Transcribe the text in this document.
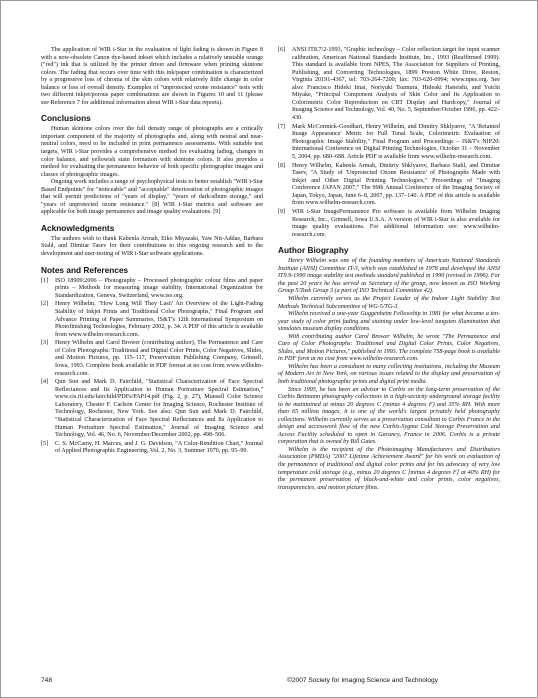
The application of WIR i-Star in the evaluation of light fading is shown in Figure 8 with a now-obsolete Canon dye-based inkset which includes a relatively unstable orange ("red") ink that is utilized by the printer driver and firmware when printing skintone colors. The fading that occurs over time with this ink/paper combination is characterized by a progressive loss of chroma of the skin colors with relatively little change in color balance or loss of overall density. Examples of "unprotected ozone resistance" tests with two different inkjet/porous paper combinations are shown in Figures 10 and 11 (please see Reference 7 for additional information about WIR i-Star data reports).

Conclusions

Human skintone colors over the full density range of photographs are a critically important component of the majority of photographs and, along with neutral and near-neutral colors, need to be included in print permanence assessments. With suitable test targets, WIR i-Star provides a comprehensive method for evaluating fading, changes in color balance, and yellowish stain formation with skintone colors. It also provides a method for evaluating the permanence behavior of both specific photographic images and classes of photographic images.

Ongoing work includes a range of psychophysical tests to better establish "WIR i-Star Based Endpoints" for "noticeable" and "acceptable" deterioration of photographic images that will permit predictions of "years of display," "years of dark/album storage," and "years of unprotected ozone resistance." [8] WIR i-Star metrics and software are applicable for both image permanence and image quality evaluations. [9]

Acknowledgments

The authors wish to thank Kabenla Armah, Eiko Miyazaki, Yaw Nti-Addae, Barbara Stahl, and Dimitar Tasev for their contributions to this ongoing research and to the development and user-testing of WIR i-Star software applications.

Notes and References
[1] ISO 18909:2006 – Photography – Processed photographic colour films and paper prints – Methods for measuring image stability, International Organization for Standardization, Geneva, Switzerland, www.iso.org.
[2] Henry Wilhelm, "How Long Will They Last? An Overview of the Light-Fading Stability of Inkjet Prints and Traditional Color Photographs," Final Program and Advance Printing of Paper Summaries, IS&T's 12th International Symposium on Photofinishing Technologies, February 2002, p. 34. A PDF of this article is available from www.wilhelm-research.com.
[3] Henry Wilhelm and Carol Brower (contributing author), The Permanence and Care of Color Photographs: Traditional and Digital Color Prints, Color Negatives, Slides, and Motion Pictures, pp. 115–117, Preservation Publishing Company, Grinnell, Iowa, 1993. Complete book available in PDF format at no cost from www.wilhelm-research.com.
[4] Qun Sun and Mark D. Fairchild, "Statistical Characterization of Face Spectral Reflectances and Its Application to Human Portraiture Spectral Estimation," www.cis.rit.edu/fairchild/PDFs/PAP14.pdf (Fig. 2, p. 27), Munsell Color Science Laboratory, Chester F. Carlson Center for Imaging Science, Rochester Institute of Technology, Rochester, New York. See also: Qun Sun and Mark D. Fairchild, "Statistical Characterization of Face Spectral Reflectances and Its Application to Human Portraiture Spectral Estimation," Journal of Imaging Science and Technology, Vol. 46, No. 6, November/December 2002, pp. 498–506.
[5] C. S. McCamy, H. Marcus, and J. G. Davidson, "A Color-Rendition Chart," Journal of Applied Photographic Engineering, Vol. 2, No. 3, Summer 1976, pp. 95–99.
[6] ANSI IT8.7/2-1993, "Graphic technology – Color reflection target for input scanner calibration, American National Standards Institute, Inc., 1993 (Reaffirmed 1999). This standard is available from NPES, The Association for Suppliers of Printing, Publishing, and Converting Technologies, 1899 Preston White Drive, Reston, Virginia 20191-4367, tel: 703-264-7200; fax: 703-620-0994; www.npes.org. See also: Francisco Hideki Imai, Noriyuki Tsumura, Hideaki Haneishi, and Yoichi Miyake, "Principal Component Analysis of Skin Color and Its Application to Colorimetric Color Reproduction on CRT Display and Hardcopy," Journal of Imaging Science and Technology, Vol. 40, No. 5, September/October 1996, pp. 422–430.
[7] Mark McCormick-Goodhart, Henry Wilhelm, and Dimitry Shklyarov, "A 'Retained Image Appearance' Metric for Full Tonal Scale, Colorimetric Evaluation of Photographic Image Stability," Final Program and Proceedings – IS&T's NIP20: International Conference on Digital Printing Technologies, October 31 – November 5, 2004, pp. 680–688. Article PDF is available from www.wilhelm-research.com.
[8] Henry Wilhelm, Kabenla Armah, Dmitriy Shklyarov, Barbara Stahl, and Dimitar Tasev, "A Study of 'Unprotected Ozone Resistance' of Photographs Made with Inkjet and Other Digital Printing Technologies," Proceedings of "Imaging Conference JAPAN 2007," The 99th Annual Conference of the Imaging Society of Japan, Tokyo, Japan, June 6–8, 2007, pp. 137–140. A PDF of this article is available from www.wilhelm-research.com.
[9] WIR i-Star ImagePermanence Pro software is available from Wilhelm Imaging Research, Inc., Grinnell, Iowa U.S.A. A version of WIR i-Star is also available for image quality evaluations. For additional information see: www.wilhelm-research.com.
Author Biography

Henry Wilhelm was one of the founding members of American National Standards Institute (ANSI) Committee IT-3, which was established in 1978 and developed the ANSI IT9.9-1990 image stability test methods standard published in 1990 (revised in 1996). For the past 20 years he has served as Secretary of the group, now known as ISO Working Group 5/Task Group 3 (a part of ISO Technical Committee 42).

Wilhelm currently serves as the Project Leader of the Indoor Light Stability Test Methods Technical Subcommittee of WG-5/TG-3.

Wilhelm received a one-year Guggenheim Fellowship in 1981 for what became a ten-year study of color print fading and staining under low-level tungsten illumination that simulates museum display conditions.

With contributing author Carol Brower Wilhelm, he wrote "The Permanence and Care of Color Photographs: Traditional and Digital Color Prints, Color Negatives, Slides, and Motion Pictures," published in 1993. The complete 758-page book is available in PDF form at no cost from www.wilhelm-research.com.

Wilhelm has been a consultant to many collecting institutions, including the Museum of Modern Art in New York, on various issues related to the display and preservation of both traditional photographic prints and digital print media.

Since 1995, he has been an advisor to Corbis on the long-term preservation of the Corbis Bettmann photography collections in a high-security underground storage facility to be maintained at minus 20 degrees C (minus 4 degrees F) and 35% RH. With more than 65 million images, it is one of the world's largest privately held photography collections. Wilhelm currently serves as a preservation consultant to Corbis France in the design and accesswork flow of the new Corbis-Sygma Cold Storage Preservation and Access Facility scheduled to open in Garancy, France in 2006. Corbis is a private corporation that is owned by Bill Gates.

Wilhelm is the recipient of the Photoimaging Manufacturers and Distributors Association (PMDA) "2007 Lifetime Achievement Award" for his work on evaluation of the permanence of traditional and digital color prints and for his advocacy of very low temperature cold storage (e.g., minus 20 degrees C [minus 4 degrees F] at 40% RH) for the permanent preservation of black-and-white and color prints, color negatives, transparencies, and motion picture films.

748	©2007 Society for Imaging Science and Technology
